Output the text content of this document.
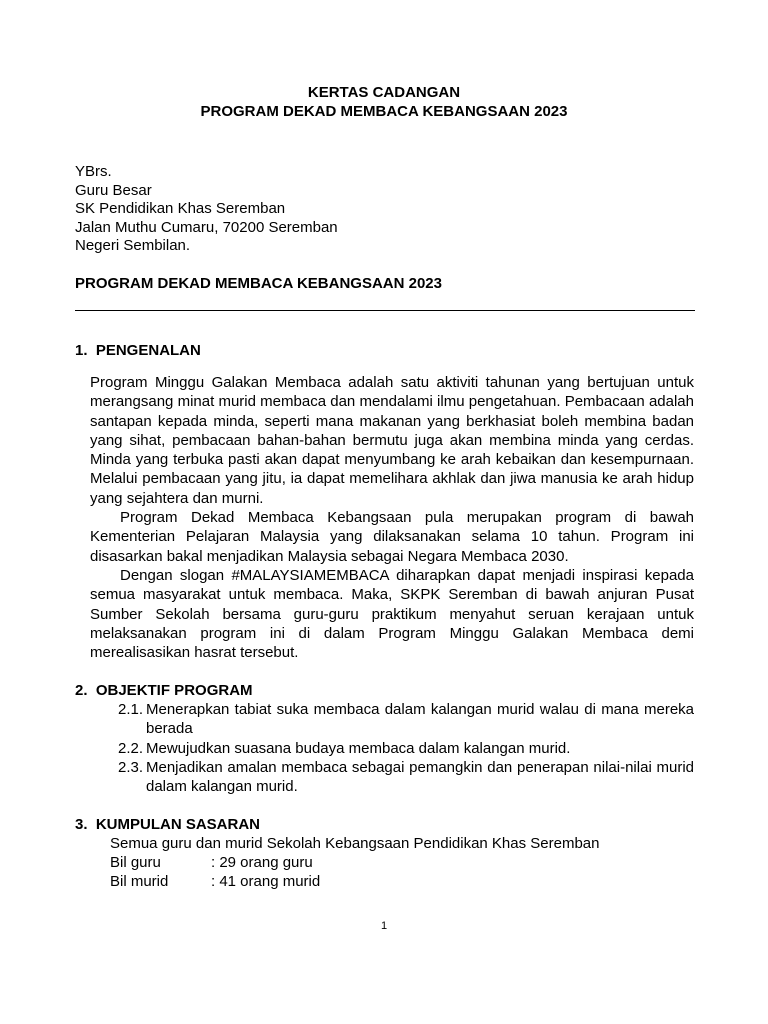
KERTAS CADANGAN
PROGRAM DEKAD MEMBACA KEBANGSAAN 2023
YBrs.
Guru Besar
SK Pendidikan Khas Seremban
Jalan Muthu Cumaru, 70200 Seremban
Negeri Sembilan.
PROGRAM DEKAD MEMBACA KEBANGSAAN 2023
1.  PENGENALAN

Program Minggu Galakan Membaca adalah satu aktiviti tahunan yang bertujuan untuk merangsang minat murid membaca dan mendalami ilmu pengetahuan. Pembacaan adalah santapan kepada minda, seperti mana makanan yang berkhasiat boleh membina badan yang sihat, pembacaan bahan-bahan bermutu juga akan membina minda yang cerdas. Minda yang terbuka pasti akan dapat menyumbang ke arah kebaikan dan kesempurnaan. Melalui pembacaan yang jitu, ia dapat memelihara akhlak dan jiwa manusia ke arah hidup yang sejahtera dan murni.

Program Dekad Membaca Kebangsaan pula merupakan program di bawah Kementerian Pelajaran Malaysia yang dilaksanakan selama 10 tahun. Program ini disasarkan bakal menjadikan Malaysia sebagai Negara Membaca 2030.

Dengan slogan #MALAYSIAMEMBACA diharapkan dapat menjadi inspirasi kepada semua masyarakat untuk membaca. Maka, SKPK Seremban di bawah anjuran Pusat Sumber Sekolah bersama guru-guru praktikum menyahut seruan kerajaan untuk melaksanakan program ini di dalam Program Minggu Galakan Membaca demi merealisasikan hasrat tersebut.

2.  OBJEKTIF PROGRAM
2.1. Menerapkan tabiat suka membaca dalam kalangan murid walau di mana mereka berada
2.2. Mewujudkan suasana budaya membaca dalam kalangan murid.
2.3. Menjadikan amalan membaca sebagai pemangkin dan penerapan nilai-nilai murid dalam kalangan murid.
3.  KUMPULAN SASARAN
Semua guru dan murid Sekolah Kebangsaan Pendidikan Khas Seremban
Bil guru	: 29 orang guru
Bil murid	: 41 orang murid
1
